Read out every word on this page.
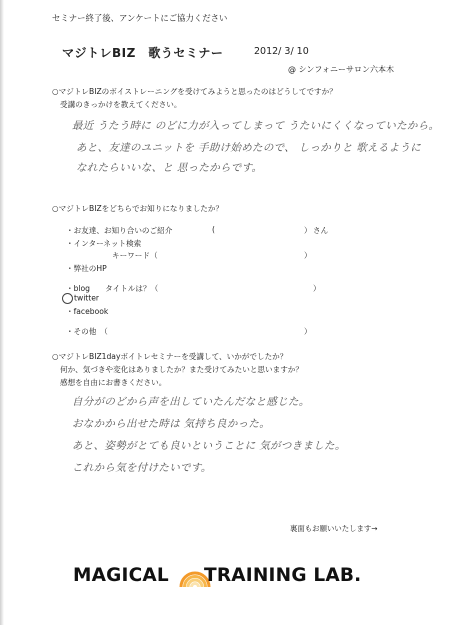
セミナー終了後、アンケートにご協力ください
マジトレBIZ　歌うセミナー	2012/ 3/ 10
@ シンフォニーサロン六本木
○マジトレBIZのボイストレーニングを受けてみようと思ったのはどうしてですか？
受講のきっかけを教えてください。
最近 うたう時に のどに力が入ってしまって うたいにくくなっていたから。
あと、友達のユニットを 手助け始めたので、 しっかりと 歌えるように
なれたらいいな、と 思ったからです。
○マジトレBIZをどちらでお知りになりましたか？
・お友達、お知り合いのご紹介	(	） さん
・インターネット検索
キーワード（	）
・弊社のHP
・blog　　タイトルは？（	）
twitter
・facebook
・その他　（	）
○マジトレBIZ1dayボイトレセミナーを受講して、いかがでしたか？
何か、気づきや変化はありましたか？また受けてみたいと思いますか？
感想を自由にお書きください。
自分がのどから声を出していたんだなと感じた。
おなかから出せた時は 気持ち良かった。
あと、姿勢がとても良いということに 気がつきました。
これから気を付けたいです。
裏面もお願いいたします→
MAGICAL TRAINING LAB.
